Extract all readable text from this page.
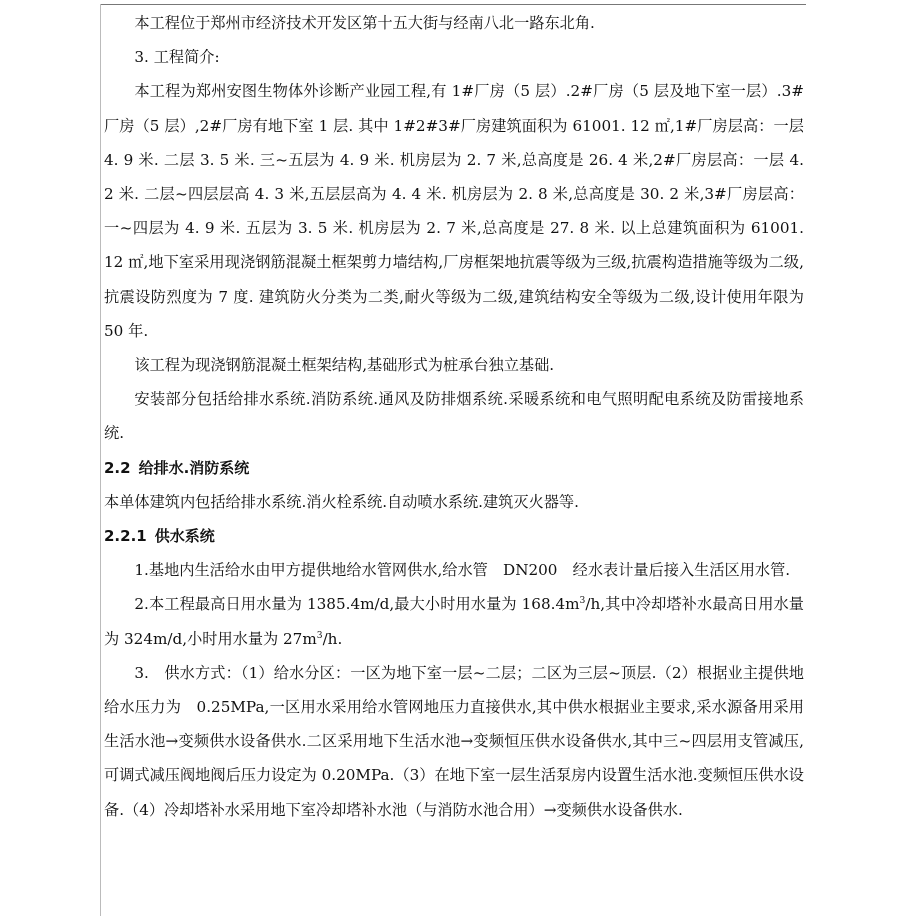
本工程位于郑州市经济技术开发区第十五大街与经南八北一路东北角.

3. 工程简介:

本工程为郑州安图生物体外诊断产业园工程,有 1#厂房（5 层）.2#厂房（5 层及地下室一层）.3#厂房（5 层）,2#厂房有地下室 1 层. 其中 1#2#3#厂房建筑面积为 61001. 12 ㎡,1#厂房层高：一层 4. 9 米. 二层 3. 5 米. 三~五层为 4. 9 米. 机房层为 2. 7 米,总高度是 26. 4 米,2#厂房层高：一层 4. 2 米. 二层~四层层高 4. 3 米,五层层高为 4. 4 米. 机房层为 2. 8 米,总高度是 30. 2 米,3#厂房层高：一~四层为 4. 9 米. 五层为 3. 5 米. 机房层为 2. 7 米,总高度是 27. 8 米. 以上总建筑面积为 61001. 12 ㎡,地下室采用现浇钢筋混凝土框架剪力墙结构,厂房框架地抗震等级为三级,抗震构造措施等级为二级,抗震设防烈度为 7 度. 建筑防火分类为二类,耐火等级为二级,建筑结构安全等级为二级,设计使用年限为 50 年.

该工程为现浇钢筋混凝土框架结构,基础形式为桩承台独立基础.

安装部分包括给排水系统.消防系统.通风及防排烟系统.采暖系统和电气照明配电系统及防雷接地系统.

2.2 给排水.消防系统

本单体建筑内包括给排水系统.消火栓系统.自动喷水系统.建筑灭火器等.

2.2.1 供水系统

1.基地内生活给水由甲方提供地给水管网供水,给水管　DN200　经水表计量后接入生活区用水管.

2.本工程最高日用水量为 1385.4m/d,最大小时用水量为 $168.4m^3/h$,其中冷却塔补水最高日用水量为 324m/d,小时用水量为 $27m^3/h$.

3.　供水方式：（1）给水分区：一区为地下室一层~二层；二区为三层~顶层.（2）根据业主提供地给水压力为　0.25MPa,一区用水采用给水管网地压力直接供水,其中供水根据业主要求,采水源备用采用生活水池→变频供水设备供水.二区采用地下生活水池→变频恒压供水设备供水,其中三~四层用支管减压,可调式减压阀地阀后压力设定为 0.20MPa.（3）在地下室一层生活泵房内设置生活水池.变频恒压供水设备.（4）冷却塔补水采用地下室冷却塔补水池（与消防水池合用）→变频供水设备供水.
